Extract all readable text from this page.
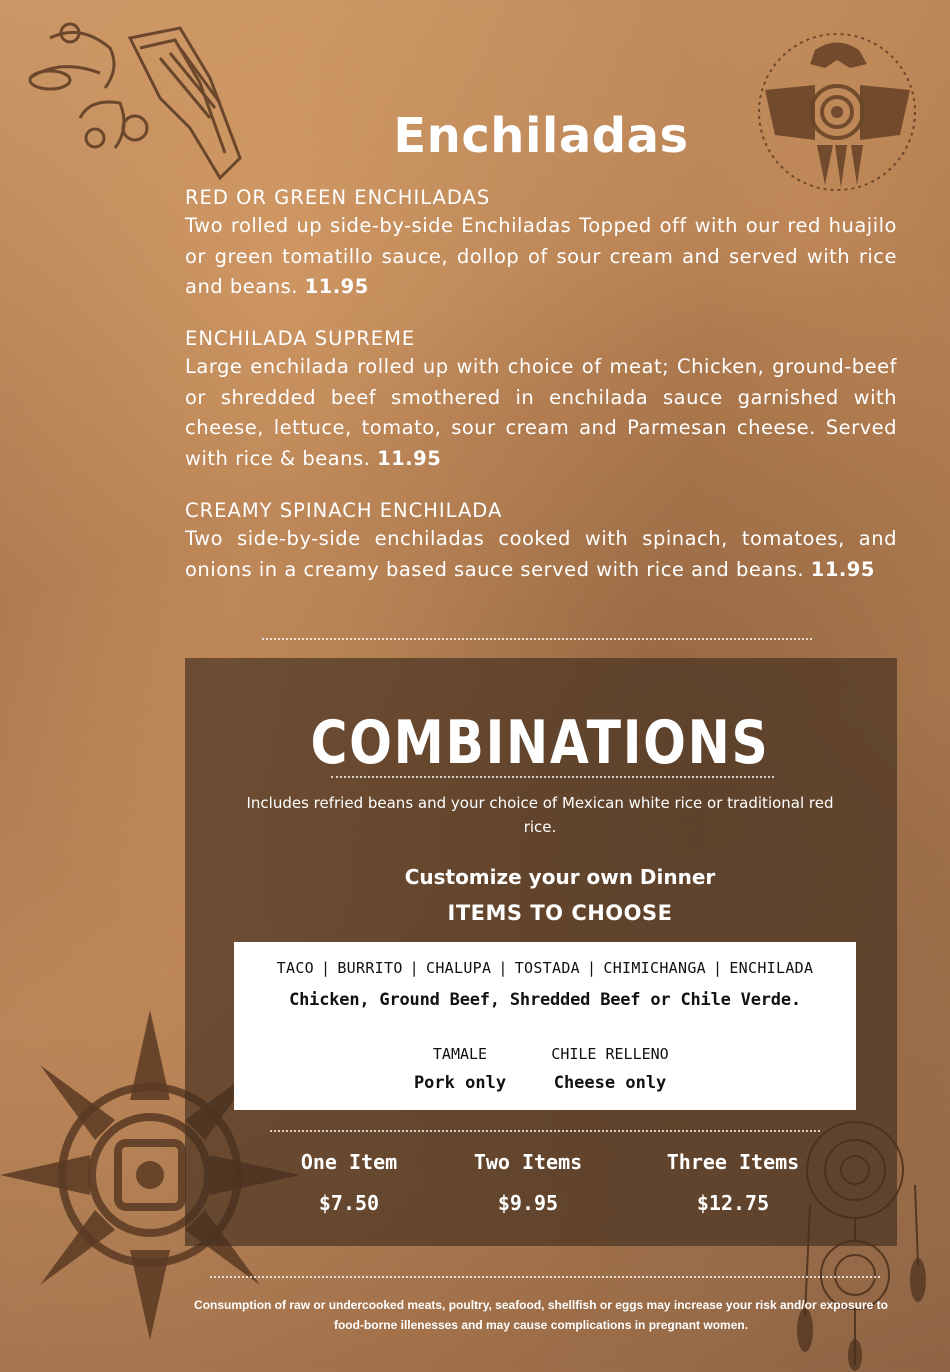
Enchiladas

RED OR GREEN ENCHILADAS

Two rolled up side-by-side Enchiladas Topped off with our red huajilo or green tomatillo sauce, dollop of sour cream and served with rice and beans. 11.95

ENCHILADA SUPREME

Large enchilada rolled up with choice of meat; Chicken, ground-beef or shredded beef smothered in enchilada sauce garnished with cheese, lettuce, tomato, sour cream and Parmesan cheese. Served with rice & beans. 11.95

CREAMY SPINACH ENCHILADA

Two side-by-side enchiladas cooked with spinach, tomatoes, and onions in a creamy based sauce served with rice and beans. 11.95

COMBINATIONS
Includes refried beans and your choice of Mexican white rice or traditional red rice.
Customize your own Dinner
ITEMS TO CHOOSE
TACO | BURRITO | CHALUPA | TOSTADA | CHIMICHANGA | ENCHILADA
Chicken, Ground Beef, Shredded Beef or Chile Verde.
TAMALE
Pork only
CHILE RELLENO
Cheese only
One Item
$7.50
Two Items
$9.95
Three Items
$12.75
Consumption of raw or undercooked meats, poultry, seafood, shellfish or eggs may increase your risk and/or exposure to food-borne illenesses and may cause complications in pregnant women.
